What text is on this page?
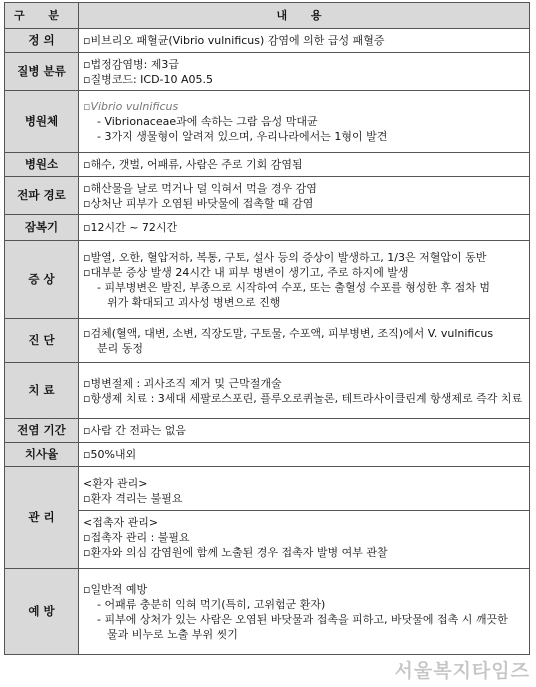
구 분	내 용
정 의	▫비브리오 패혈균(Vibrio vulnificus) 감염에 의한 급성 패혈증

질병 분류	▫법정감염병: 제3급
▫질병코드: ICD-10 A05.5

병원체	▫Vibrio vulnificus
- Vibrionaceae과에 속하는 그람 음성 막대균
- 3가지 생물형이 알려져 있으며, 우리나라에서는 1형이 발견

병원소	▫해수, 갯벌, 어패류, 사람은 주로 기회 감염됨

전파 경로	▫해산물을 날로 먹거나 덜 익혀서 먹을 경우 감염
▫상처난 피부가 오염된 바닷물에 접촉할 때 감염

잠복기	▫12시간 ~ 72시간

증 상	▫발열, 오한, 혈압저하, 복통, 구토, 설사 등의 증상이 발생하고, 1/3은 저혈압이 동반
▫대부분 증상 발생 24시간 내 피부 병변이 생기고, 주로 하지에 발생
- 피부병변은 발진, 부종으로 시작하여 수포, 또는 출혈성 수포를 형성한 후 점차 범
위가 확대되고 괴사성 병변으로 진행

진 단	▫검체(혈액, 대변, 소변, 직장도말, 구토물, 수포액, 피부병변, 조직)에서 V. vulnificus
분리 동정

치 료	▫병변절제 : 괴사조직 제거 및 근막절개술
▫항생제 치료 : 3세대 세팔로스포린, 플루오로퀴놀론, 테트라사이클린계 항생제로 즉각 치료

전염 기간	▫사람 간 전파는 없음

치사율	▫50%내외

관 리	<환자 관리>
▫환자 격리는 불필요
<접촉자 관리>
▫접촉자 관리 : 불필요
▫환자와 의심 감염원에 함께 노출된 경우 접촉자 발병 여부 관찰

예 방	▫일반적 예방
- 어패류 충분히 익혀 먹기(특히, 고위험군 환자)
- 피부에 상처가 있는 사람은 오염된 바닷물과 접촉을 피하고, 바닷물에 접촉 시 깨끗한
물과 비누로 노출 부위 씻기
서울복지타임즈
